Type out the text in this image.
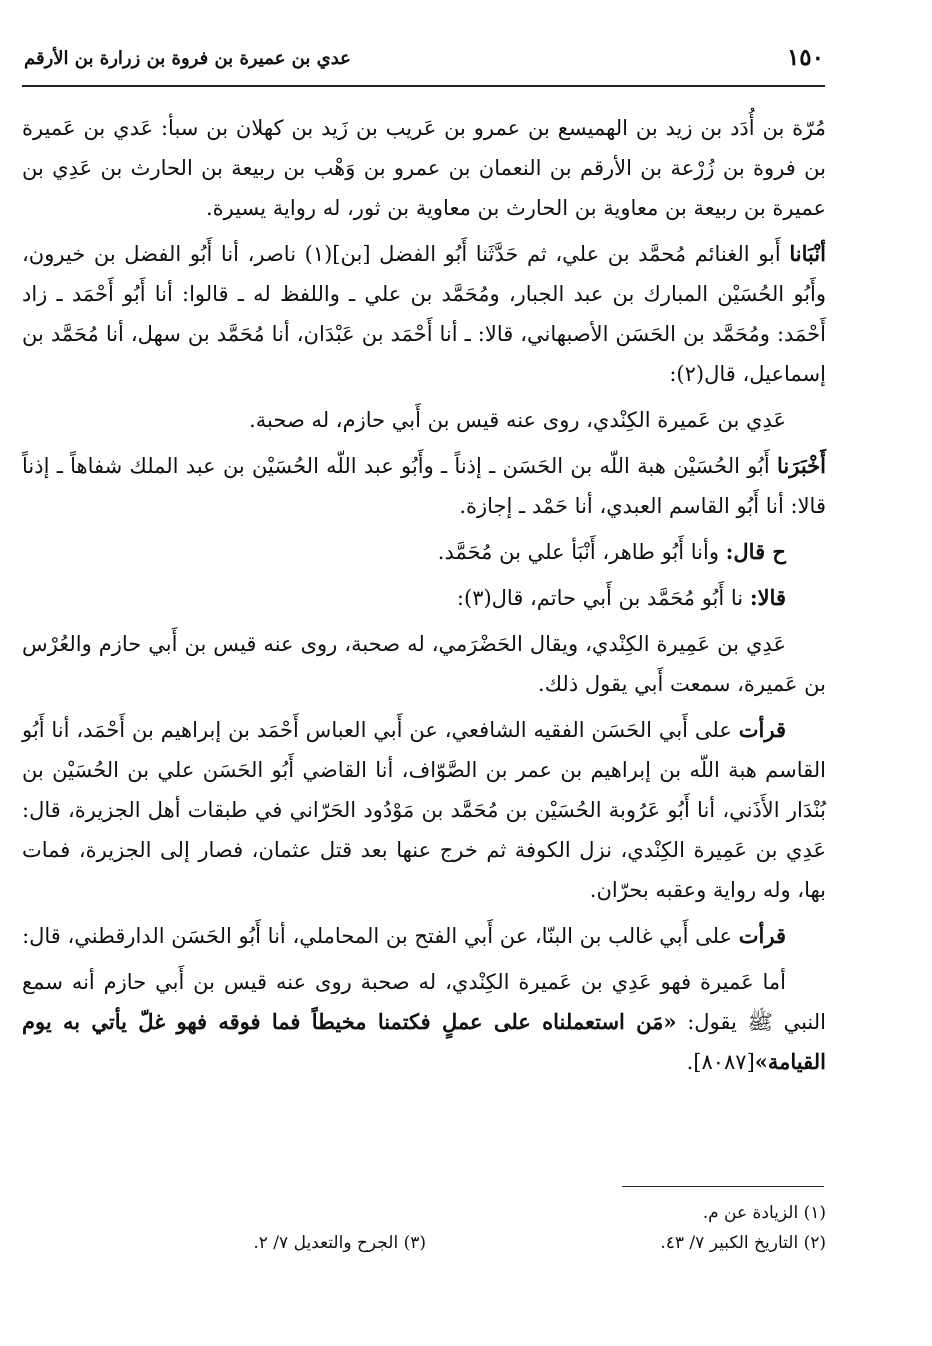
١٥٠
عدي بن عميرة بن فروة بن زرارة بن الأرقم

مُرّة بن أُدَد بن زيد بن الهميسع بن عمرو بن عَريب بن زَيد بن كهلان بن سبأ: عَدي بن عَميرة بن فروة بن زُرْعة بن الأرقم بن النعمان بن عمرو بن وَهْب بن ربيعة بن الحارث بن عَدِي بن عميرة بن ربيعة بن معاوية بن الحارث بن معاوية بن ثور، له رواية يسيرة.

أنْبَانا أَبو الغنائم مُحمَّد بن علي، ثم حَدَّثَنا أَبُو الفضل [بن](١) ناصر، أنا أَبُو الفضل بن خيرون، وأَبُو الحُسَيْن المبارك بن عبد الجبار، ومُحَمَّد بن علي ـ واللفظ له ـ قالوا: أنا أَبُو أَحْمَد ـ زاد أَحْمَد: ومُحَمَّد بن الحَسَن الأصبهاني، قالا: ـ أنا أَحْمَد بن عَبْدَان، أنا مُحَمَّد بن سهل، أنا مُحَمَّد بن إسماعيل، قال(٢):

عَدِي بن عَميرة الكِنْدي، روى عنه قيس بن أَبي حازم، له صحبة.

أَخْبَرَنا أَبُو الحُسَيْن هبة اللّه بن الحَسَن ـ إذناً ـ وأَبُو عبد اللّه الحُسَيْن بن عبد الملك شفاهاً ـ إذناً قالا: أنا أَبُو القاسم العبدي، أنا حَمْد ـ إجازة.

ح قال: وأنا أَبُو طاهر، أَنْبَأ علي بن مُحَمَّد.

قالا: نا أَبُو مُحَمَّد بن أَبي حاتم، قال(٣):

عَدِي بن عَمِيرة الكِنْدي، ويقال الحَضْرَمي، له صحبة، روى عنه قيس بن أَبي حازم والعُرْس بن عَميرة، سمعت أَبي يقول ذلك.

قرأت على أَبي الحَسَن الفقيه الشافعي، عن أَبي العباس أَحْمَد بن إبراهيم بن أَحْمَد، أنا أَبُو القاسم هبة اللّه بن إبراهيم بن عمر بن الصَّوّاف، أنا القاضي أَبُو الحَسَن علي بن الحُسَيْن بن بُنْدَار الأَذَني، أنا أَبُو عَرُوبة الحُسَيْن بن مُحَمَّد بن مَوْدُود الحَرّاني في طبقات أهل الجزيرة، قال: عَدِي بن عَمِيرة الكِنْدي، نزل الكوفة ثم خرج عنها بعد قتل عثمان، فصار إلى الجزيرة، فمات بها، وله رواية وعقبه بحرّان.

قرأت على أَبي غالب بن البنّا، عن أَبي الفتح بن المحاملي، أنا أَبُو الحَسَن الدارقطني، قال:

أما عَميرة فهو عَدِي بن عَميرة الكِنْدي، له صحبة روى عنه قيس بن أَبي حازم أنه سمع النبي ﷺ يقول: «مَن استعملناه على عملٍ فكتمنا مخيطاً فما فوقه فهو غلّ يأتي به يوم القيامة»[٨٠٨٧].

(١) الزيادة عن م.
(٢) التاريخ الكبير ٧/ ٤٣.
(٣) الجرح والتعديل ٧/ ٢.
